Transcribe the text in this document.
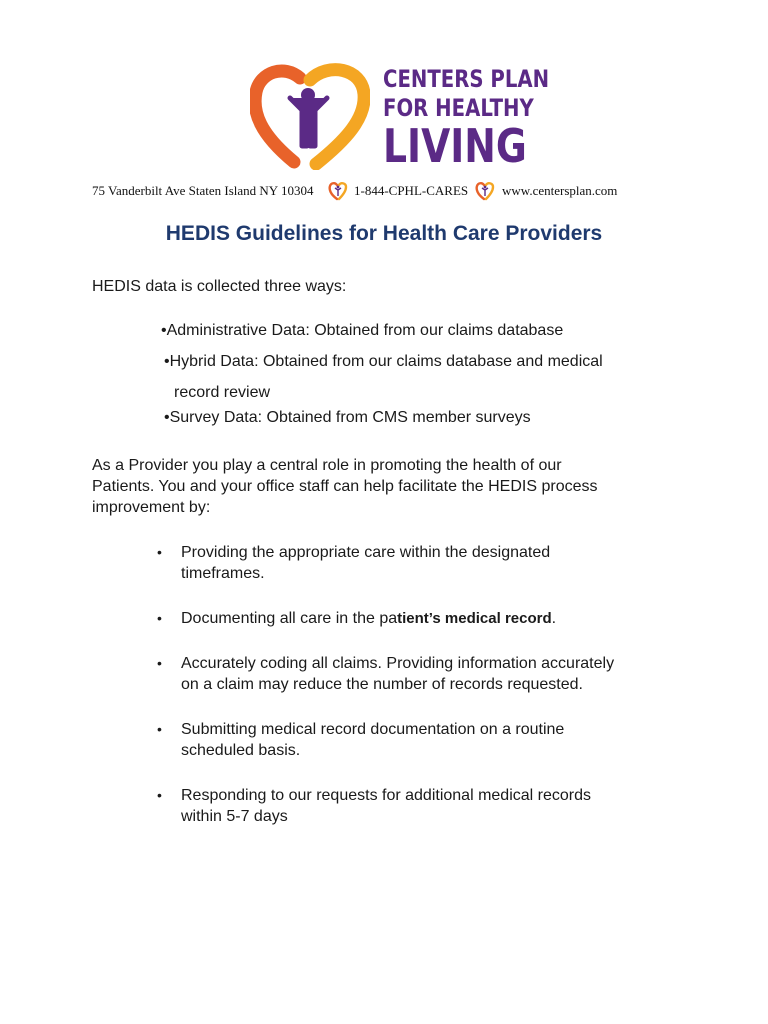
CENTERS PLAN
FOR HEALTHY
LIVING
75 Vanderbilt Ave Staten Island NY 10304	1-844-CPHL-CARES	www.centersplan.com
HEDIS Guidelines for Health Care Providers

HEDIS data is collected three ways:

•Administrative Data: Obtained from our claims database

•Hybrid Data: Obtained from our claims database and medical

record review

•Survey Data: Obtained from CMS member surveys

As a Provider you play a central role in promoting the health of our

Patients. You and your office staff can help facilitate the HEDIS process

improvement by:

• Providing the appropriate care within the designated

timeframes.

• Documenting all care in the patient’s medical record.

• Accurately coding all claims. Providing information accurately

on a claim may reduce the number of records requested.

• Submitting medical record documentation on a routine

scheduled basis.

• Responding to our requests for additional medical records

within 5-7 days
